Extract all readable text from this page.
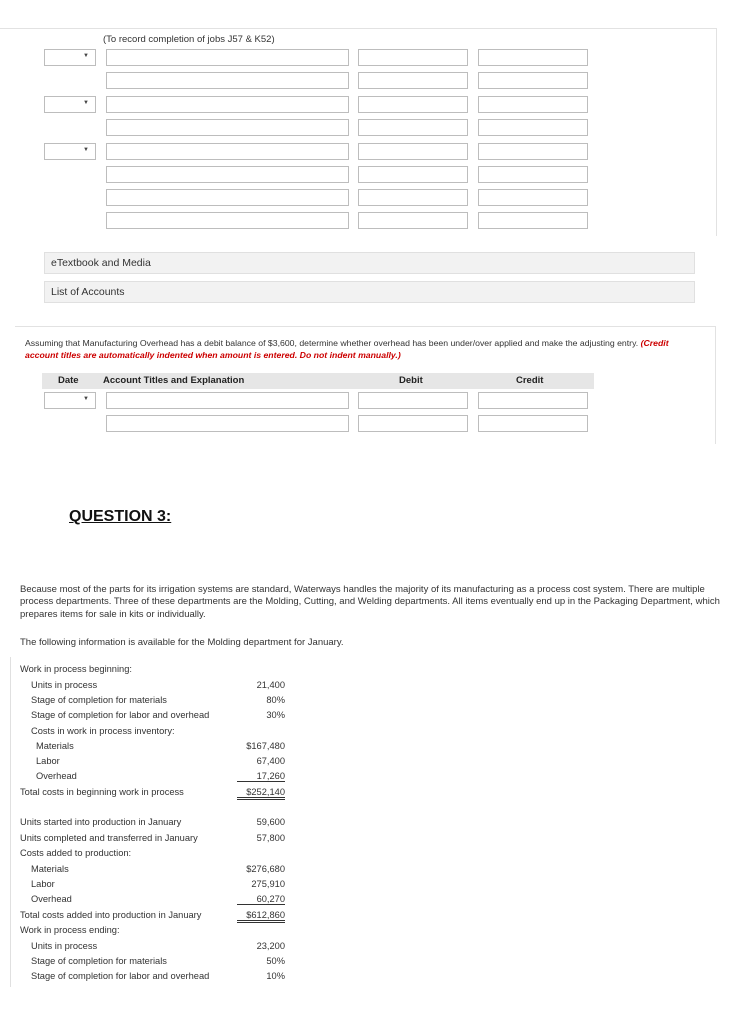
(To record completion of jobs J57 & K52)
▼
▼
▼
eTextbook and Media
List of Accounts
Assuming that Manufacturing Overhead has a debit balance of $3,600, determine whether overhead has been under/over applied and make the adjusting entry. (Credit account titles are automatically indented when amount is entered. Do not indent manually.)
Date	Account Titles and Explanation	Debit	Credit
▼
QUESTION 3:
Because most of the parts for its irrigation systems are standard, Waterways handles the majority of its manufacturing as a process cost system. There are multiple process departments. Three of these departments are the Molding, Cutting, and Welding departments. All items eventually end up in the Packaging Department, which prepares items for sale in kits or individually.
The following information is available for the Molding department for January.
Work in process beginning:
Units in process	21,400
Stage of completion for materials	80%
Stage of completion for labor and overhead	30%
Costs in work in process inventory:
Materials	$167,480
Labor	67,400
Overhead	17,260
Total costs in beginning work in process	$252,140
Units started into production in January	59,600
Units completed and transferred in January	57,800
Costs added to production:
Materials	$276,680
Labor	275,910
Overhead	60,270
Total costs added into production in January	$612,860
Work in process ending:
Units in process	23,200
Stage of completion for materials	50%
Stage of completion for labor and overhead	10%
